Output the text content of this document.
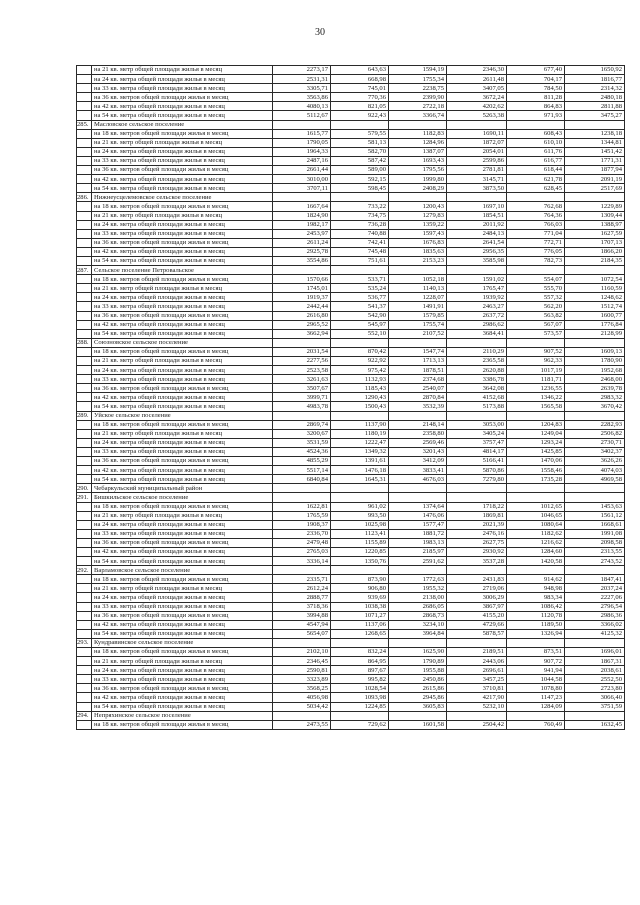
30
	на 21 кв. метр общей площади жилья в месяц	2273,17	643,63	1594,19	2346,30	677,40	1650,92
	на 24 кв. метра общей площади жилья в месяц	2531,31	668,98	1755,34	2611,48	704,17	1816,77
	на 33 кв. метра общей площади жилья в месяц	3305,71	745,01	2238,75	3407,05	784,50	2314,32
	на 36 кв. метров общей площади жилья в месяц	3563,86	770,36	2399,90	3672,24	811,28	2480,18
	на 42 кв. метра общей площади жилья в месяц	4080,13	821,05	2722,18	4202,62	864,83	2811,88
	на 54 кв. метра общей площади жилья в месяц	5112,67	922,43	3366,74	5263,38	971,93	3475,27
285.	Масловское сельское поселение						
	на 18 кв. метров общей площади жилья в месяц	1615,77	579,55	1182,83	1690,11	608,43	1238,18
	на 21 кв. метр общей площади жилья в месяц	1790,05	581,13	1284,96	1872,07	610,10	1344,81
	на 24 кв. метра общей площади жилья в месяц	1964,33	582,70	1387,07	2054,01	611,76	1451,42
	на 33 кв. метра общей площади жилья в месяц	2487,16	587,42	1693,43	2599,86	616,77	1771,31
	на 36 кв. метров общей площади жилья в месяц	2661,44	589,00	1795,56	2781,81	618,44	1877,94
	на 42 кв. метра общей площади жилья в месяц	3010,00	592,15	1999,80	3145,71	621,78	2091,19
	на 54 кв. метра общей площади жилья в месяц	3707,11	598,45	2408,29	3873,50	628,45	2517,69
286.	Нижнеусцелемовское сельское поселение						
	на 18 кв. метров общей площади жилья в месяц	1667,64	733,22	1200,43	1697,10	762,68	1229,89
	на 21 кв. метр общей площади жилья в месяц	1824,90	734,75	1279,83	1854,51	764,36	1309,44
	на 24 кв. метра общей площади жилья в месяц	1982,17	736,28	1359,22	2011,92	766,03	1388,97
	на 33 кв. метра общей площади жилья в месяц	2453,97	740,88	1597,43	2484,13	771,04	1627,59
	на 36 кв. метров общей площади жилья в месяц	2611,24	742,41	1676,83	2641,54	772,71	1707,13
	на 42 кв. метра общей площади жилья в месяц	2925,78	745,48	1835,63	2956,35	776,05	1866,20
	на 54 кв. метра общей площади жилья в месяц	3554,86	751,61	2153,23	3585,98	782,73	2184,35
287.	Сельское поселение Петровальское						
	на 18 кв. метров общей площади жилья в месяц	1570,66	533,71	1052,18	1591,02	554,07	1072,54
	на 21 кв. метр общей площади жилья в месяц	1745,01	535,24	1140,13	1765,47	555,70	1160,59
	на 24 кв. метра общей площади жилья в месяц	1919,37	536,77	1228,07	1939,92	557,32	1248,62
	на 33 кв. метра общей площади жилья в месяц	2442,44	541,37	1491,91	2463,27	562,20	1512,74
	на 36 кв. метров общей площади жилья в месяц	2616,80	542,90	1579,85	2637,72	563,82	1600,77
	на 42 кв. метра общей площади жилья в месяц	2965,52	545,97	1755,74	2986,62	567,07	1776,84
	на 54 кв. метра общей площади жилья в месяц	3662,94	552,10	2107,52	3684,41	573,57	2128,99
288.	Союзновское сельское поселение						
	на 18 кв. метров общей площади жилья в месяц	2031,54	870,42	1547,74	2110,29	907,52	1609,13
	на 21 кв. метр общей площади жилья в месяц	2277,56	922,92	1713,13	2365,58	962,33	1780,90
	на 24 кв. метра общей площади жилья в месяц	2523,58	975,42	1878,51	2620,88	1017,19	1952,68
	на 33 кв. метра общей площади жилья в месяц	3261,63	1132,93	2374,68	3386,78	1181,71	2468,00
	на 36 кв. метров общей площади жилья в месяц	3507,67	1185,43	2540,07	3642,08	1236,55	2639,78
	на 42 кв. метра общей площади жилья в месяц	3999,71	1290,43	2870,84	4152,68	1346,22	2983,32
	на 54 кв. метра общей площади жилья в месяц	4983,78	1500,43	3532,39	5173,88	1565,58	3670,42
289.	Уйское сельское поселение						
	на 18 кв. метров общей площади жилья в месяц	2869,74	1137,90	2148,14	3053,00	1204,83	2282,93
	на 21 кв. метр общей площади жилья в месяц	3200,67	1180,19	2358,80	3405,24	1249,04	2506,82
	на 24 кв. метра общей площади жилья в месяц	3531,59	1222,47	2569,46	3757,47	1293,24	2730,71
	на 33 кв. метра общей площади жилья в месяц	4524,36	1349,32	3201,43	4814,17	1425,85	3402,37
	на 36 кв. метров общей площади жилья в месяц	4855,29	1391,61	3412,09	5166,41	1470,06	3626,26
	на 42 кв. метра общей площади жилья в месяц	5517,14	1476,18	3833,41	5870,86	1558,46	4074,03
	на 54 кв. метра общей площади жилья в месяц	6840,84	1645,31	4676,03	7279,80	1735,28	4969,58
290.	Чебаркульский муниципальный район						
291.	Бишкильское сельское поселение						
	на 18 кв. метров общей площади жилья в месяц	1622,81	961,02	1374,64	1718,22	1012,65	1453,63
	на 21 кв. метр общей площади жилья в месяц	1765,59	993,50	1476,06	1869,81	1046,65	1561,12
	на 24 кв. метра общей площади жилья в месяц	1908,37	1025,98	1577,47	2021,39	1080,64	1668,61
	на 33 кв. метра общей площади жилья в месяц	2336,70	1123,41	1881,72	2476,16	1182,62	1991,08
	на 36 кв. метров общей площади жилья в месяц	2479,48	1155,89	1983,13	2627,75	1216,62	2098,58
	на 42 кв. метра общей площади жилья в месяц	2765,03	1220,85	2185,97	2930,92	1284,60	2313,55
	на 54 кв. метра общей площади жилья в месяц	3336,14	1350,76	2591,62	3537,28	1420,58	2743,52
292.	Варламовское сельское поселение						
	на 18 кв. метров общей площади жилья в месяц	2335,71	873,90	1772,63	2431,83	914,62	1847,41
	на 21 кв. метр общей площади жилья в месяц	2612,24	906,80	1955,32	2719,06	948,98	2037,24
	на 24 кв. метра общей площади жилья в месяц	2888,77	939,69	2138,00	3006,29	983,34	2227,06
	на 33 кв. метра общей площади жилья в месяц	3718,36	1038,38	2686,05	3867,97	1086,42	2796,54
	на 36 кв. метров общей площади жилья в месяц	3994,88	1071,27	2868,73	4155,20	1120,78	2986,36
	на 42 кв. метра общей площади жилья в месяц	4547,94	1137,06	3234,10	4729,66	1189,50	3366,02
	на 54 кв. метра общей площади жилья в месяц	5654,07	1268,65	3964,84	5878,57	1326,94	4125,32
293.	Кундравинское сельское поселение						
	на 18 кв. метров общей площади жилья в месяц	2102,10	832,24	1625,90	2189,51	873,51	1696,01
	на 21 кв. метр общей площади жилья в месяц	2346,45	864,95	1790,89	2443,06	907,72	1867,31
	на 24 кв. метра общей площади жилья в месяц	2590,81	897,67	1955,88	2696,61	941,94	2038,61
	на 33 кв. метра общей площади жилья в месяц	3323,89	995,82	2450,86	3457,25	1044,58	2552,50
	на 36 кв. метров общей площади жилья в месяц	3568,25	1028,54	2615,86	3710,81	1078,80	2723,80
	на 42 кв. метра общей площади жилья в месяц	4056,98	1093,98	2945,86	4217,90	1147,23	3066,40
	на 54 кв. метра общей площади жилья в месяц	5034,42	1224,85	3605,83	5232,10	1284,09	3751,59
294.	Непряхинское сельское поселение						
	на 18 кв. метров общей площади жилья в месяц	2473,55	729,62	1601,58	2504,42	760,49	1632,45
